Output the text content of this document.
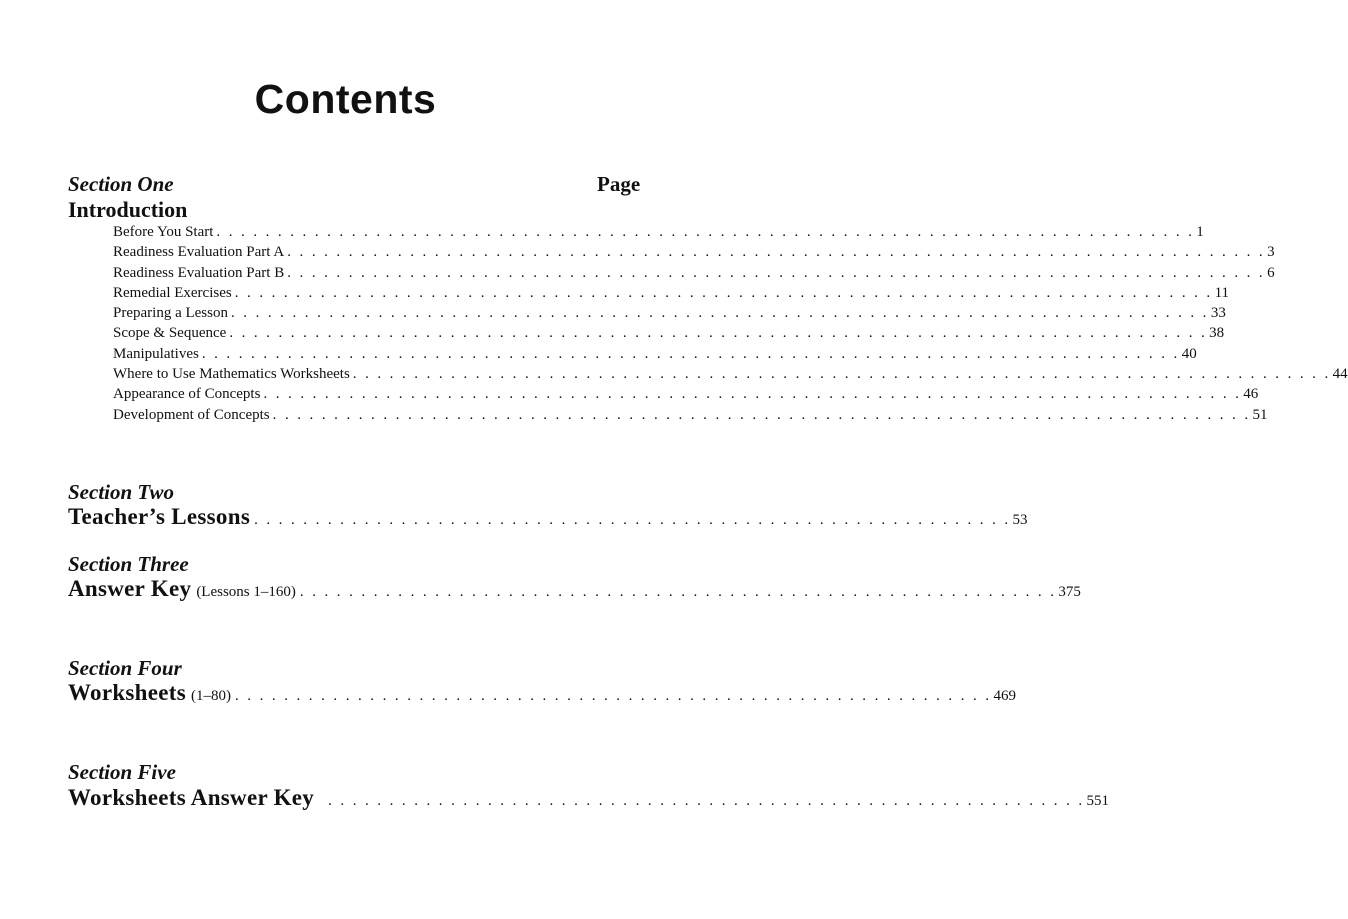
Contents
Section One	Page
Introduction
Before You Start . . . . . . . . . . . . . . . . . . . . . . . . . . . . . . . . . . . . . . . . . . . . . . . . . . . . . . . . . . . . . . . . . . . . . . . . . . . . . . . . 1
Readiness Evaluation Part A . . . . . . . . . . . . . . . . . . . . . . . . . . . . . . . . . . . . . . . . . . . . . . . . . . . . . . . . . . . . . . . . . . . . . . . . . . . . . . . . 3
Readiness Evaluation Part B . . . . . . . . . . . . . . . . . . . . . . . . . . . . . . . . . . . . . . . . . . . . . . . . . . . . . . . . . . . . . . . . . . . . . . . . . . . . . . . . 6
Remedial Exercises . . . . . . . . . . . . . . . . . . . . . . . . . . . . . . . . . . . . . . . . . . . . . . . . . . . . . . . . . . . . . . . . . . . . . . . . . . . . . . . . 11
Preparing a Lesson . . . . . . . . . . . . . . . . . . . . . . . . . . . . . . . . . . . . . . . . . . . . . . . . . . . . . . . . . . . . . . . . . . . . . . . . . . . . . . . . 33
Scope & Sequence . . . . . . . . . . . . . . . . . . . . . . . . . . . . . . . . . . . . . . . . . . . . . . . . . . . . . . . . . . . . . . . . . . . . . . . . . . . . . . . . 38
Manipulatives . . . . . . . . . . . . . . . . . . . . . . . . . . . . . . . . . . . . . . . . . . . . . . . . . . . . . . . . . . . . . . . . . . . . . . . . . . . . . . . . 40
Where to Use Mathematics Worksheets . . . . . . . . . . . . . . . . . . . . . . . . . . . . . . . . . . . . . . . . . . . . . . . . . . . . . . . . . . . . . . . . . . . . . . . . . . . . . . . . 44
Appearance of Concepts . . . . . . . . . . . . . . . . . . . . . . . . . . . . . . . . . . . . . . . . . . . . . . . . . . . . . . . . . . . . . . . . . . . . . . . . . . . . . . . . 46
Development of Concepts . . . . . . . . . . . . . . . . . . . . . . . . . . . . . . . . . . . . . . . . . . . . . . . . . . . . . . . . . . . . . . . . . . . . . . . . . . . . . . . . 51
Section Two
Teacher’s Lessons . . . . . . . . . . . . . . . . . . . . . . . . . . . . . . . . . . . . . . . . . . . . . . . . . . . . . . . . . . . . . . 53
Section Three
Answer Key (Lessons 1–160) . . . . . . . . . . . . . . . . . . . . . . . . . . . . . . . . . . . . . . . . . . . . . . . . . . . . . . . . . . . . . . 375
Section Four
Worksheets (1–80) . . . . . . . . . . . . . . . . . . . . . . . . . . . . . . . . . . . . . . . . . . . . . . . . . . . . . . . . . . . . . . 469
Section Five
Worksheets Answer Key . . . . . . . . . . . . . . . . . . . . . . . . . . . . . . . . . . . . . . . . . . . . . . . . . . . . . . . . . . . . . . 551
